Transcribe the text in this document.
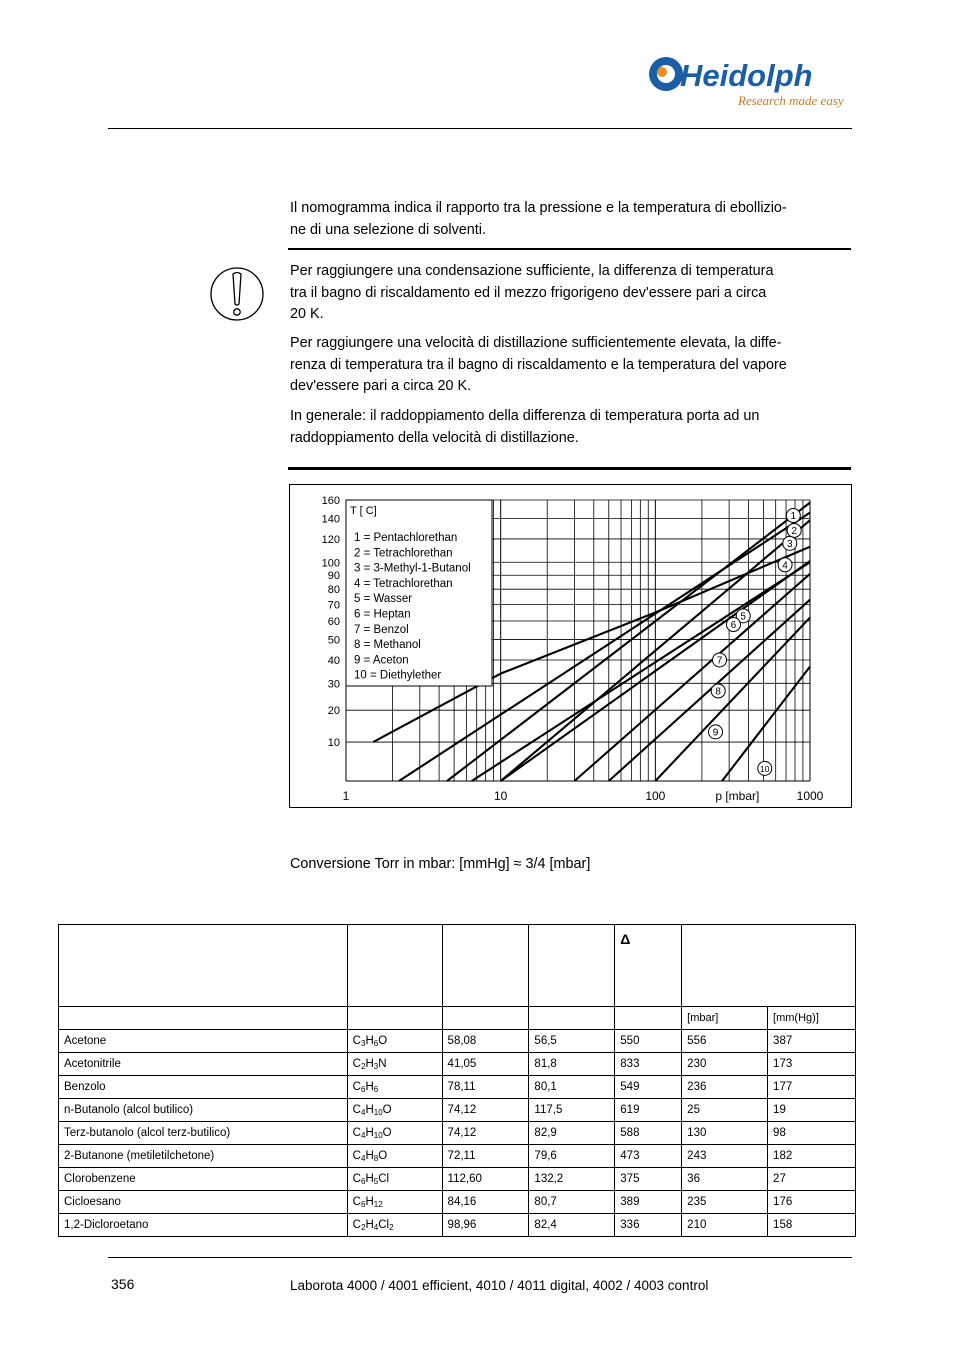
Heidolph
Research made easy
Il nomogramma indica il rapporto tra la pressione e la temperatura di ebollizio-
ne di una selezione di solventi.
Per raggiungere una condensazione sufficiente, la differenza di temperatura
tra il bagno di riscaldamento ed il mezzo frigorigeno dev'essere pari a circa
20 K.
Per raggiungere una velocità di distillazione sufficientemente elevata, la diffe-
renza di temperatura tra il bagno di riscaldamento e la temperatura del vapore
dev'essere pari a circa 20 K.
In generale: il raddoppiamento della differenza di temperatura porta ad un
raddoppiamento della velocità di distillazione.
10
20
30
40
50
60
70
80
90
100
120
140
160
1	10	100	1000
p [mbar]
1
2
3
4
5
6
7
8
9
10
T [ C]
1 = Pentachlorethan
2 = Tetrachlorethan
3 = 3-Methyl-1-Butanol
4 = Tetrachlorethan
5 = Wasser
6 = Heptan
7 = Benzol
8 = Methanol
9 = Aceton
10 = Diethylether
Conversione Torr in mbar: [mmHg] ≈ 3/4 [mbar]
				Δ		
					[mbar]	[mm(Hg)]
Acetone	$C_3H_6O$	58,08	56,5	550	556	387
Acetonitrile	$C_2H_3N$	41,05	81,8	833	230	173
Benzolo	$C_6H_6$	78,11	80,1	549	236	177
n-Butanolo (alcol butilico)	$C_4H_{10}O$	74,12	117,5	619	25	19
Terz-butanolo (alcol terz-butilico)	$C_4H_{10}O$	74,12	82,9	588	130	98
2-Butanone (metiletilchetone)	$C_4H_8O$	72,11	79,6	473	243	182
Clorobenzene	$C_6H_5Cl$	112,60	132,2	375	36	27
Cicloesano	$C_6H_{12}$	84,16	80,7	389	235	176
1,2-Dicloroetano	$C_2H_4Cl_2$	98,96	82,4	336	210	158
356	Laborota 4000 / 4001 efficient, 4010 / 4011 digital, 4002 / 4003 control
